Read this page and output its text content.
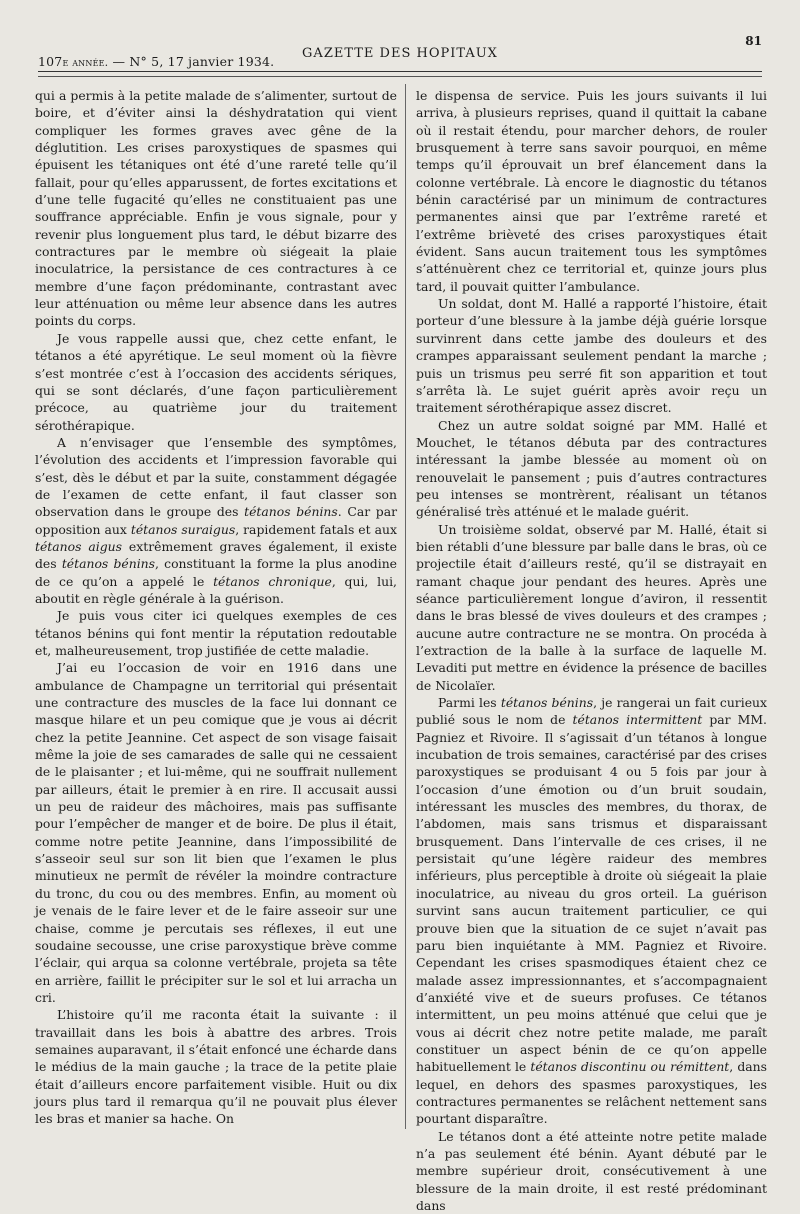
107e année. — N° 5, 17 janvier 1934.
GAZETTE DES HOPITAUX
81

qui a permis à la petite malade de s’alimenter, surtout de boire, et d’éviter ainsi la déshydratation qui vient compliquer les formes graves avec gêne de la déglutition. Les crises paroxystiques de spasmes qui épuisent les tétaniques ont été d’une rareté telle qu’il fallait, pour qu’elles apparussent, de fortes excitations et d’une telle fugacité qu’elles ne constituaient pas une souffrance appréciable. Enfin je vous signale, pour y revenir plus longuement plus tard, le début bizarre des contractures par le membre où siégeait la plaie inoculatrice, la persistance de ces contractures à ce membre d’une façon prédominante, contrastant avec leur atténuation ou même leur absence dans les autres points du corps.

Je vous rappelle aussi que, chez cette enfant, le tétanos a été apyrétique. Le seul moment où la fièvre s’est montrée c’est à l’occasion des accidents sériques, qui se sont déclarés, d’une façon particulièrement précoce, au quatrième jour du traitement sérothérapique.

A n’envisager que l’ensemble des symptômes, l’évolution des accidents et l’impression favorable qui s’est, dès le début et par la suite, constamment dégagée de l’examen de cette enfant, il faut classer son observation dans le groupe des tétanos bénins. Car par opposition aux tétanos suraigus, rapidement fatals et aux tétanos aigus extrêmement graves également, il existe des tétanos bénins, constituant la forme la plus anodine de ce qu’on a appelé le tétanos chronique, qui, lui, aboutit en règle générale à la guérison.

Je puis vous citer ici quelques exemples de ces tétanos bénins qui font mentir la réputation redoutable et, malheureusement, trop justifiée de cette maladie.

J’ai eu l’occasion de voir en 1916 dans une ambulance de Champagne un territorial qui présentait une contracture des muscles de la face lui donnant ce masque hilare et un peu comique que je vous ai décrit chez la petite Jeannine. Cet aspect de son visage faisait même la joie de ses camarades de salle qui ne cessaient de le plaisanter ; et lui-même, qui ne souffrait nullement par ailleurs, était le premier à en rire. Il accusait aussi un peu de raideur des mâchoires, mais pas suffisante pour l’empêcher de manger et de boire. De plus il était, comme notre petite Jeannine, dans l’impossibilité de s’asseoir seul sur son lit bien que l’examen le plus minutieux ne permît de révéler la moindre contracture du tronc, du cou ou des membres. Enfin, au moment où je venais de le faire lever et de le faire asseoir sur une chaise, comme je percutais ses réflexes, il eut une soudaine secousse, une crise paroxystique brève comme l’éclair, qui arqua sa colonne vertébrale, projeta sa tête en arrière, faillit le précipiter sur le sol et lui arracha un cri.

L’histoire qu’il me raconta était la suivante : il travaillait dans les bois à abattre des arbres. Trois semaines auparavant, il s’était enfoncé une écharde dans le médius de la main gauche ; la trace de la petite plaie était d’ailleurs encore parfaitement visible. Huit ou dix jours plus tard il remarqua qu’il ne pouvait plus élever les bras et manier sa hache. On

le dispensa de service. Puis les jours suivants il lui arriva, à plusieurs reprises, quand il quittait la cabane où il restait étendu, pour marcher dehors, de rouler brusquement à terre sans savoir pourquoi, en même temps qu’il éprouvait un bref élancement dans la colonne vertébrale. Là encore le diagnostic du tétanos bénin caractérisé par un minimum de contractures permanentes ainsi que par l’extrême rareté et l’extrême brièveté des crises paroxystiques était évident. Sans aucun traitement tous les symptômes s’atténuèrent chez ce territorial et, quinze jours plus tard, il pouvait quitter l’ambulance.

Un soldat, dont M. Hallé a rapporté l’histoire, était porteur d’une blessure à la jambe déjà guérie lorsque survinrent dans cette jambe des douleurs et des crampes apparaissant seulement pendant la marche ; puis un trismus peu serré fit son apparition et tout s’arrêta là. Le sujet guérit après avoir reçu un traitement sérothérapique assez discret.

Chez un autre soldat soigné par MM. Hallé et Mouchet, le tétanos débuta par des contractures intéressant la jambe blessée au moment où on renouvelait le pansement ; puis d’autres contractures peu intenses se montrèrent, réalisant un tétanos généralisé très atténué et le malade guérit.

Un troisième soldat, observé par M. Hallé, était si bien rétabli d’une blessure par balle dans le bras, où ce projectile était d’ailleurs resté, qu’il se distrayait en ramant chaque jour pendant des heures. Après une séance particulièrement longue d’aviron, il ressentit dans le bras blessé de vives douleurs et des crampes ; aucune autre contracture ne se montra. On procéda à l’extraction de la balle à la surface de laquelle M. Levaditi put mettre en évidence la présence de bacilles de Nicolaïer.

Parmi les tétanos bénins, je rangerai un fait curieux publié sous le nom de tétanos intermittent par MM. Pagniez et Rivoire. Il s’agissait d’un tétanos à longue incubation de trois semaines, caractérisé par des crises paroxystiques se produisant 4 ou 5 fois par jour à l’occasion d’une émotion ou d’un bruit soudain, intéressant les muscles des membres, du thorax, de l’abdomen, mais sans trismus et disparaissant brusquement. Dans l’intervalle de ces crises, il ne persistait qu’une légère raideur des membres inférieurs, plus perceptible à droite où siégeait la plaie inoculatrice, au niveau du gros orteil. La guérison survint sans aucun traitement particulier, ce qui prouve bien que la situation de ce sujet n’avait pas paru bien inquiétante à MM. Pagniez et Rivoire. Cependant les crises spasmodiques étaient chez ce malade assez impressionnantes, et s’accompagnaient d’anxiété vive et de sueurs profuses. Ce tétanos intermittent, un peu moins atténué que celui que je vous ai décrit chez notre petite malade, me paraît constituer un aspect bénin de ce qu’on appelle habituellement le tétanos discontinu ou rémittent, dans lequel, en dehors des spasmes paroxystiques, les contractures permanentes se relâchent nettement sans pourtant disparaître.

Le tétanos dont a été atteinte notre petite malade n’a pas seulement été bénin. Ayant débuté par le membre supérieur droit, consécutivement à une blessure de la main droite, il est resté prédominant dans
